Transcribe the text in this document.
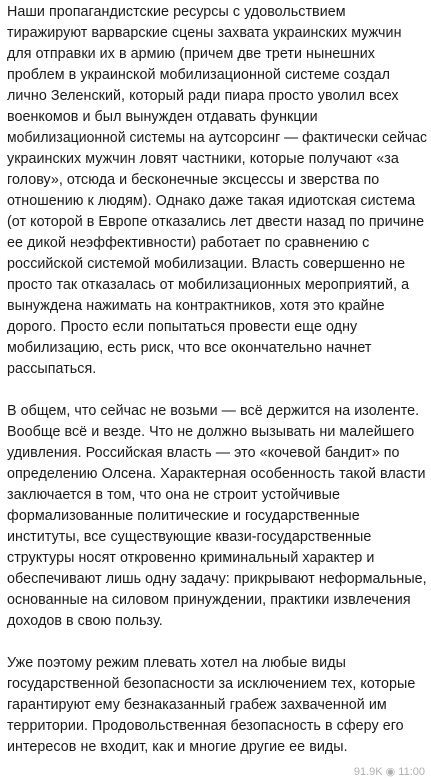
Наши пропагандистские ресурсы с удовольствием
тиражируют варварские сцены захвата украинских мужчин
для отправки их в армию (причем две трети нынешних
проблем в украинской мобилизационной системе создал
лично Зеленский, который ради пиара просто уволил всех
военкомов и был вынужден отдавать функции
мобилизационной системы на аутсорсинг — фактически сейчас
украинских мужчин ловят частники, которые получают «за
голову», отсюда и бесконечные эксцессы и зверства по
отношению к людям). Однако даже такая идиотская система
(от которой в Европе отказались лет двести назад по причине
ее дикой неэффективности) работает по сравнению с
российской системой мобилизации. Власть совершенно не
просто так отказалась от мобилизационных мероприятий, а
вынуждена нажимать на контрактников, хотя это крайне
дорого. Просто если попытаться провести еще одну
мобилизацию, есть риск, что все окончательно начнет
рассыпаться.
В общем, что сейчас не возьми — всё держится на изоленте.
Вообще всё и везде. Что не должно вызывать ни малейшего
удивления. Российская власть — это «кочевой бандит» по
определению Олсена. Характерная особенность такой власти
заключается в том, что она не строит устойчивые
формализованные политические и государственные
институты, все существующие квази-государственные
структуры носят откровенно криминальный характер и
обеспечивают лишь одну задачу: прикрывают неформальные,
основанные на силовом принуждении, практики извлечения
доходов в свою пользу.
Уже поэтому режим плевать хотел на любые виды
государственной безопасности за исключением тех, которые
гарантируют ему безнаказанный грабеж захваченной им
территории. Продовольственная безопасность в сферу его
интересов не входит, как и многие другие ее виды.
91.9K ◉ 11:00
